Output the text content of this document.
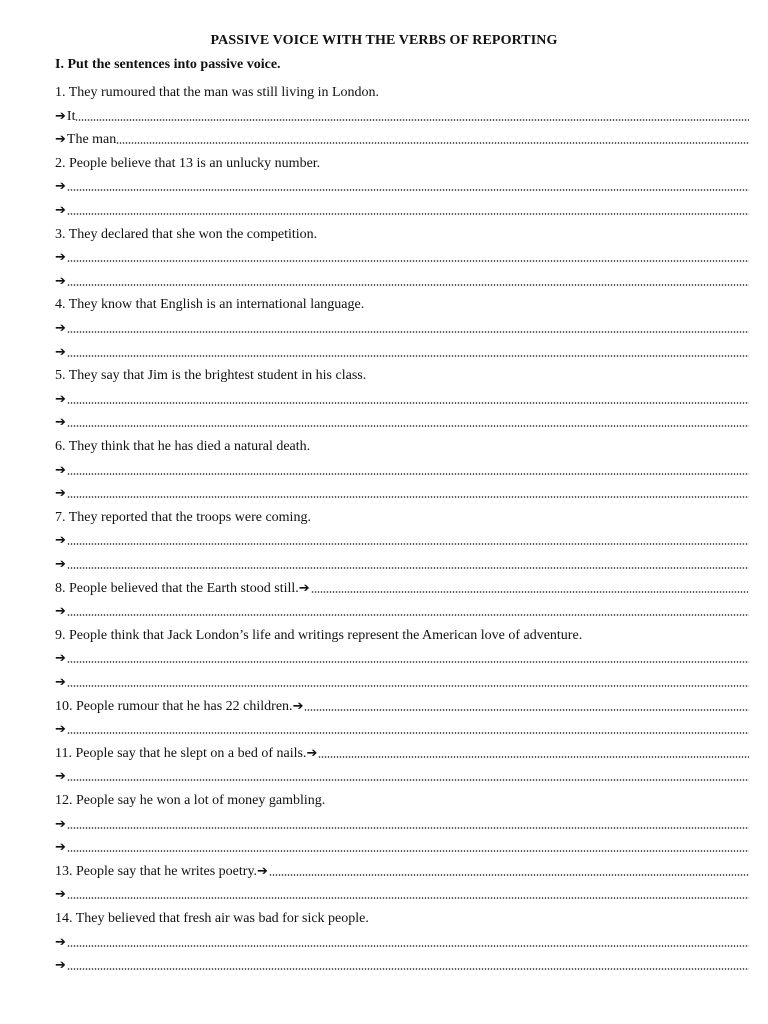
PASSIVE VOICE WITH THE VERBS OF REPORTING
I. Put the sentences into passive voice.
1. They rumoured that the man was still living in London.
➔ It
➔ The man
2. People believe that 13 is an unlucky number.
➔
➔
3. They declared that she won the competition.
➔
➔
4. They know that English is an international language.
➔
➔
5. They say that Jim is the brightest student in his class.
➔
➔
6. They think that he has died a natural death.
➔
➔
7. They reported that the troops were coming.
➔
➔
8. People believed that the Earth stood still. ➔
➔
9. People think that Jack London’s life and writings represent the American love of adventure.
➔
➔
10. People rumour that he has 22 children. ➔
➔
11. People say that he slept on a bed of nails. ➔
➔
12. People say he won a lot of money gambling.
➔
➔
13. People say that he writes poetry. ➔
➔
14. They believed that fresh air was bad for sick people.
➔
➔
